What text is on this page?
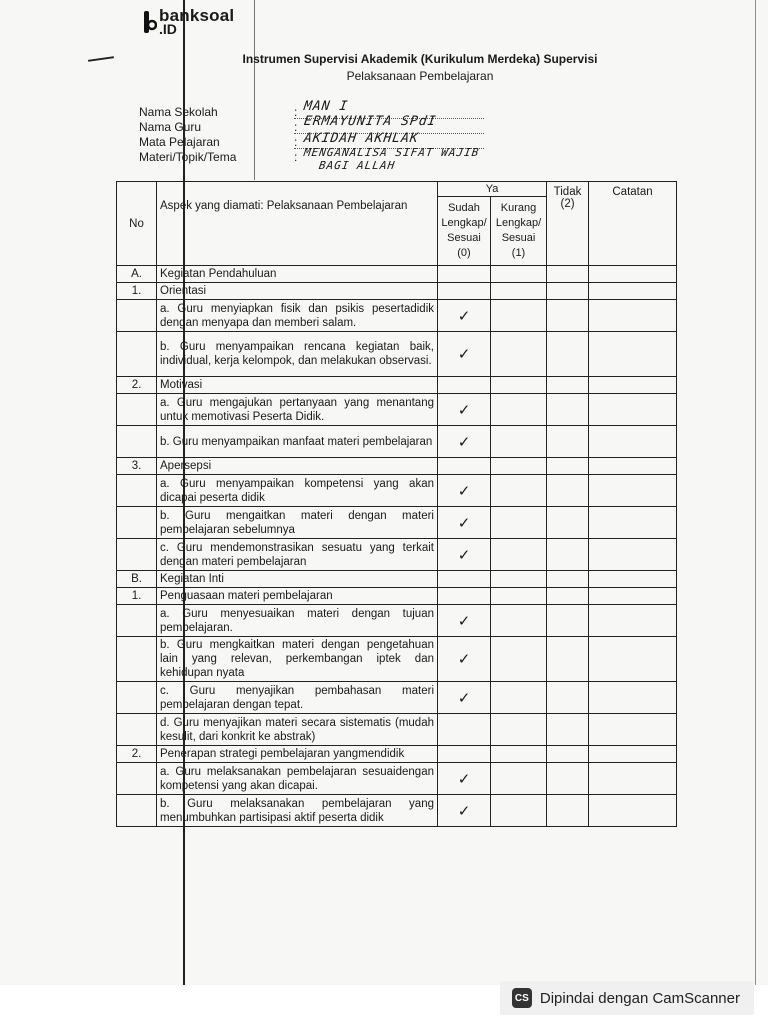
banksoal
.ID
Instrumen Supervisi Akademik (Kurikulum Merdeka) Supervisi
Pelaksanaan Pembelajaran
Nama Sekolah	: MAN I
Nama Guru	: ERMAYUNITA SPdI
Mata Pelajaran	: AKIDAH AKHLAK
Materi/Topik/Tema	: MENGANALISA SIFAT WAJIB
BAGI ALLAH
No	Aspek yang diamati: Pelaksanaan Pembelajaran	Ya		Tidak (2)	Catatan
		Sudah Lengkap/ Sesuai (0)	Kurang Lengkap/ Sesuai (1)		
A.	Kegiatan Pendahuluan				
1.	Orientasi				
	a. Guru menyiapkan fisik dan psikis pesertadidik dengan menyapa dan memberi salam.	✓			
	b. Guru menyampaikan rencana kegiatan baik, individual, kerja kelompok, dan melakukan observasi.	✓			
2.	Motivasi				
	a. Guru mengajukan pertanyaan yang menantang untuk memotivasi Peserta Didik.	✓			
	b. Guru menyampaikan manfaat materi pembelajaran	✓			
3.	Apersepsi				
	a. Guru menyampaikan kompetensi yang akan dicapai peserta didik	✓			
	b. Guru mengaitkan materi dengan materi pembelajaran sebelumnya	✓			
	c. Guru mendemonstrasikan sesuatu yang terkait dengan materi pembelajaran	✓			
B.	Kegiatan Inti				
1.	Penguasaan materi pembelajaran				
	a. Guru menyesuaikan materi dengan tujuan pembelajaran.	✓			
	b. Guru mengkaitkan materi dengan pengetahuan lain yang relevan, perkembangan iptek dan kehidupan nyata	✓			
	c. Guru menyajikan pembahasan materi pembelajaran dengan tepat.	✓			
	d. Guru menyajikan materi secara sistematis (mudah kesulit, dari konkrit ke abstrak)				
2.	Penerapan strategi pembelajaran yangmendidik				
	a. Guru melaksanakan pembelajaran sesuaidengan kompetensi yang akan dicapai.	✓			
	b. Guru melaksanakan pembelajaran yang menumbuhkan partisipasi aktif peserta didik	✓			
CS Dipindai dengan CamScanner
